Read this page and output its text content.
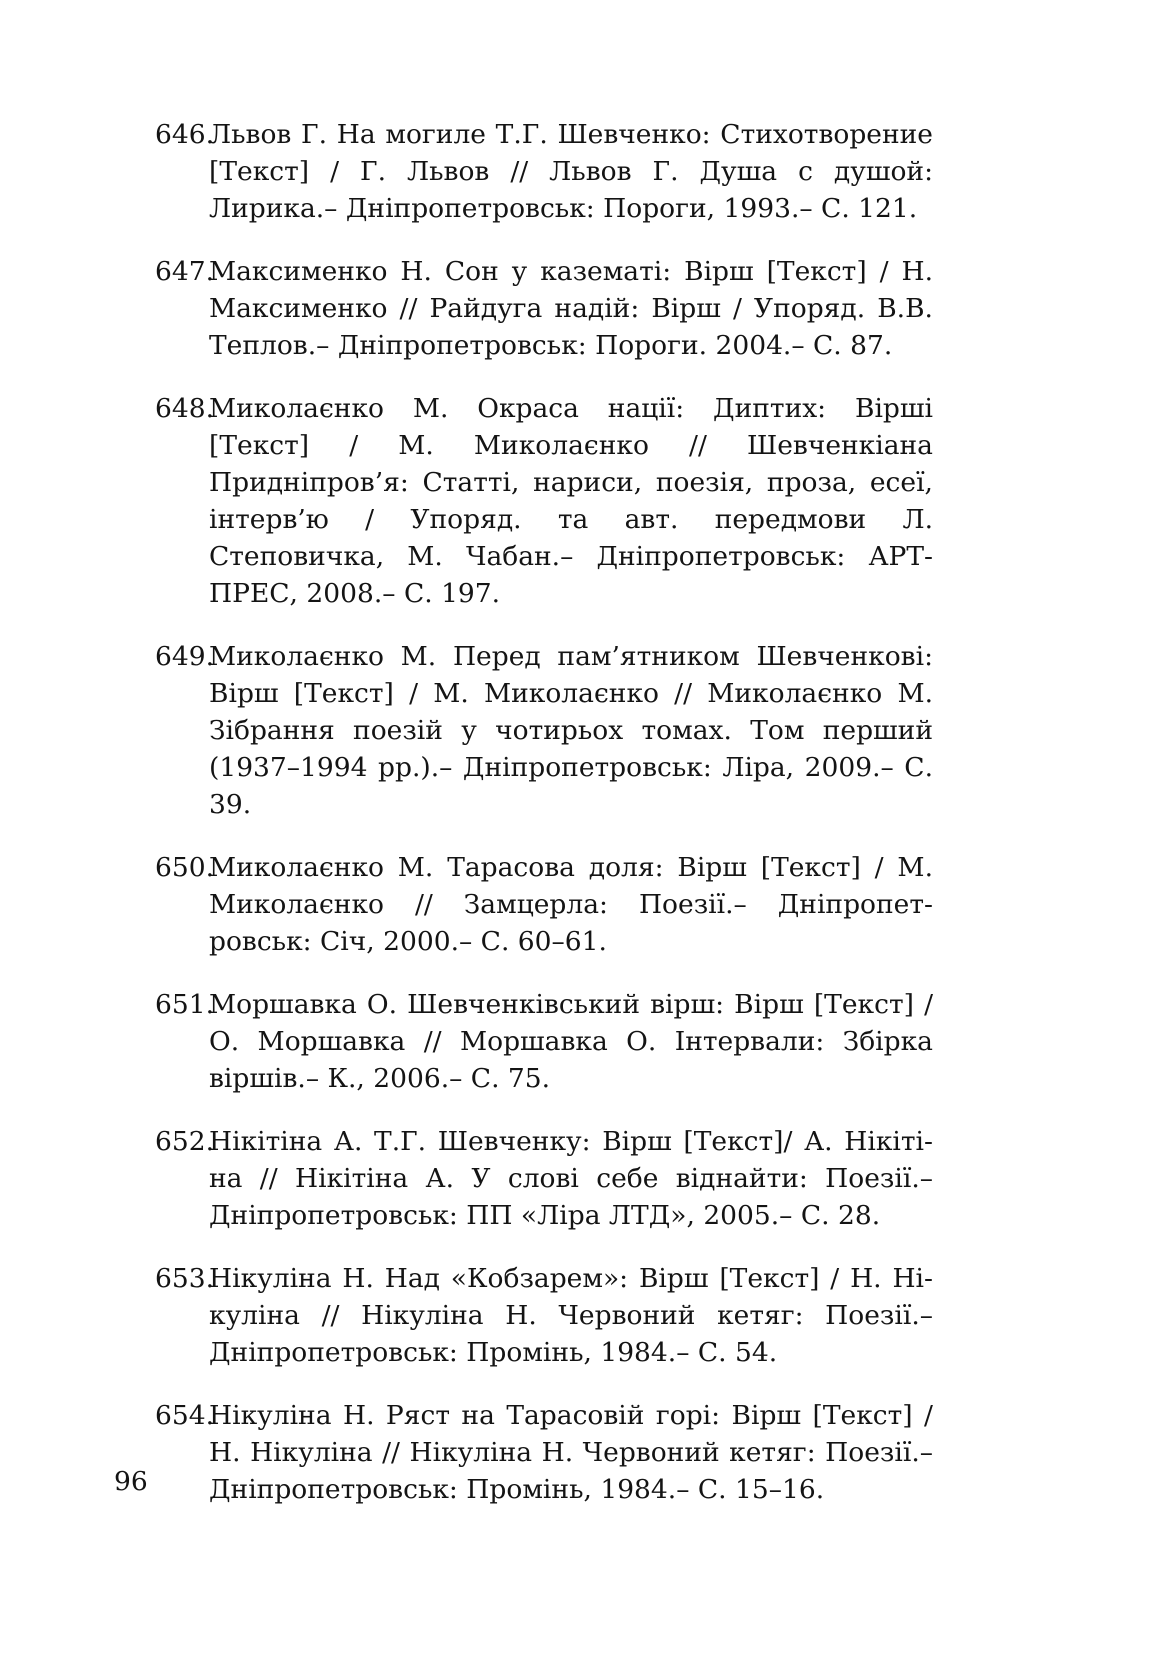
646.
Львов Г. На могиле Т.Г. Шевченко: Стихотворение [Текст] / Г. Львов // Львов Г. Душа с душой: Лирика.– Дніпропетровськ: Пороги, 1993.– С. 121.
647.
Максименко Н. Сон у казематі: Вірш [Текст] / Н. Максименко // Райдуга надій: Вірш / Упоряд. В.В. Теплов.– Дніпропетровськ: Пороги. 2004.– С. 87.
648.
Миколаєнко М. Окраса нації: Диптих: Вірші [Текст] / М. Миколаєнко // Шевченкіана Придніпров’я: Статті, нариси, поезія, проза, есеї, інтерв’ю / Упоряд. та авт. передмови Л. Степовичка, М. Чабан.– Дніпропетровськ: АРТ-ПРЕС, 2008.– С. 197.
649.
Миколаєнко М. Перед пам’ятником Шевченкові: Вірш [Текст] / М. Миколаєнко // Миколаєнко М. Зібрання поезій у чотирьох томах. Том перший (1937–1994 рр.).– Дніпропетровськ: Ліра, 2009.– С. 39.
650.
Миколаєнко М. Тарасова доля: Вірш [Текст] / М. Миколаєнко // Замцерла: Поезії.– Дніпропетровськ: Січ, 2000.– С. 60–61.
651.
Моршавка О. Шевченківський вірш: Вірш [Текст] / О. Моршавка // Моршавка О. Інтервали: Збірка віршів.– К., 2006.– С. 75.
652.
Нікітіна А. Т.Г. Шевченку: Вірш [Текст]/ А. Нікітіна // Нікітіна А. У слові себе віднайти: Поезії.– Дніпропетровськ: ПП «Ліра ЛТД», 2005.– С. 28.
653.
Нікуліна Н. Над «Кобзарем»: Вірш [Текст] / Н. Нікуліна // Нікуліна Н. Червоний кетяг: Поезії.– Дніпропетровськ: Промінь, 1984.– С. 54.
654.
Нікуліна Н. Ряст на Тарасовій горі: Вірш [Текст] / Н. Нікуліна // Нікуліна Н. Червоний кетяг: Поезії.– Дніпропетровськ: Промінь, 1984.– С. 15–16.
96
